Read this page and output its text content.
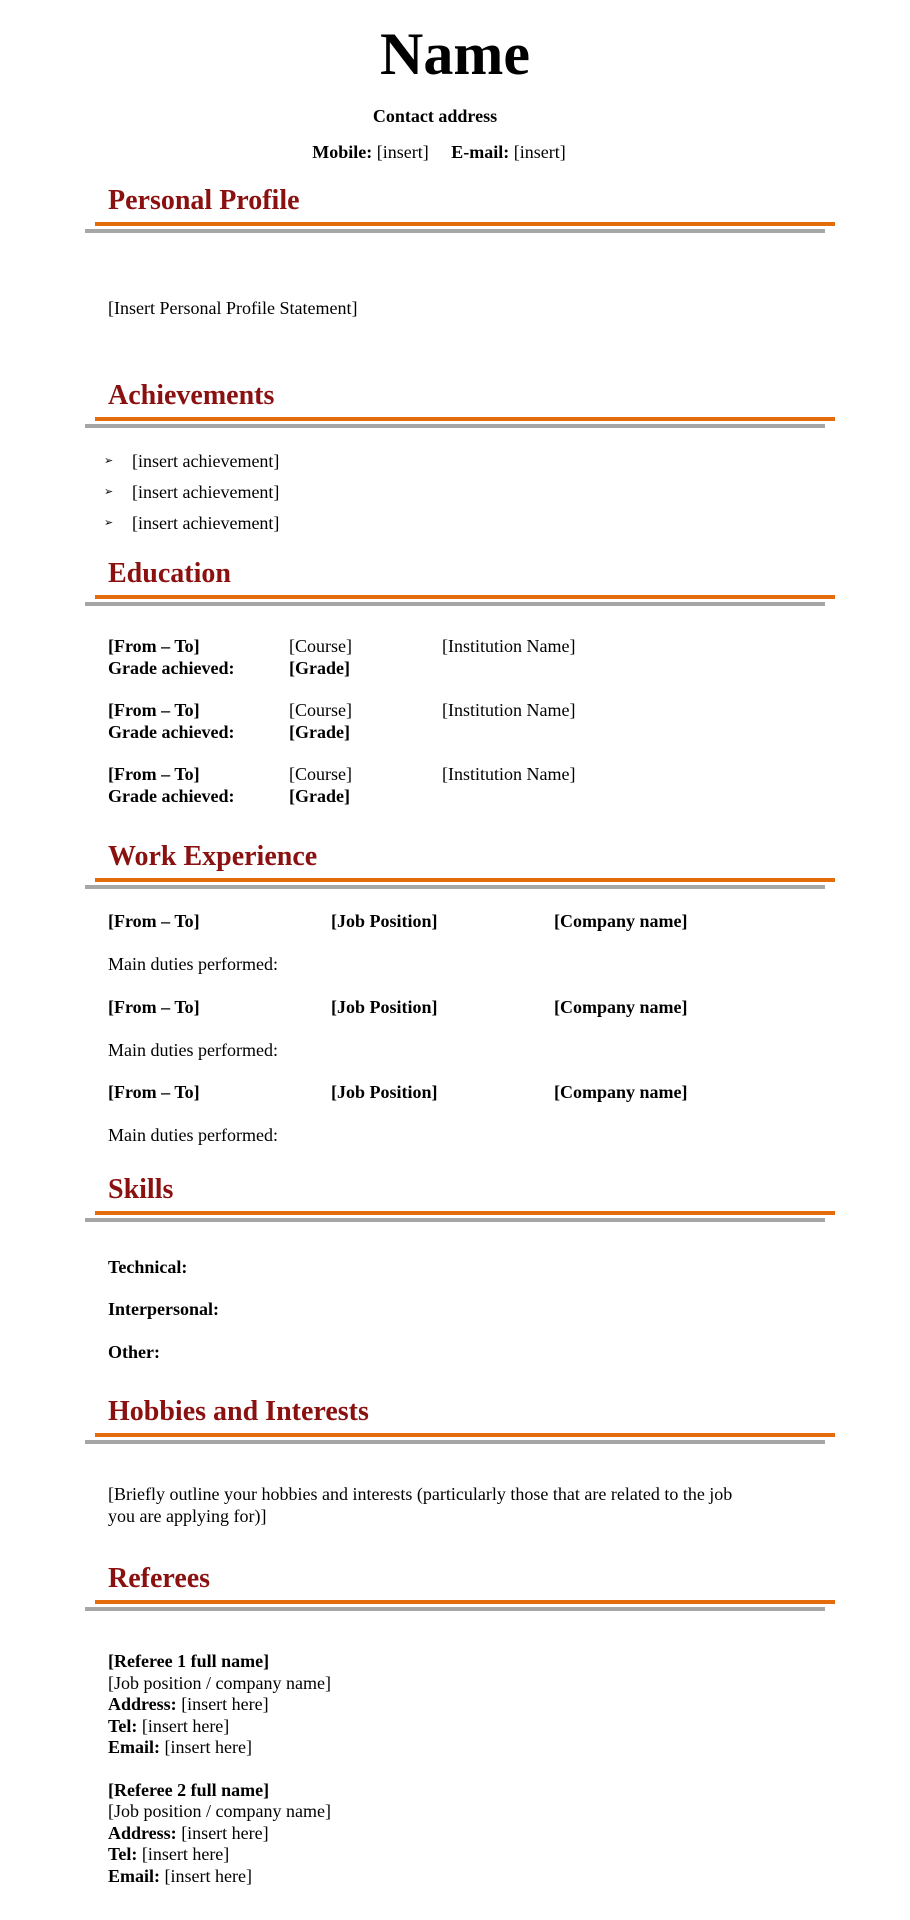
Name
Contact address
Mobile: [insert] E-mail: [insert]
Personal Profile
[Insert Personal Profile Statement]
Achievements
➢ [insert achievement]
➢ [insert achievement]
➢ [insert achievement]
Education
[From – To]	[Course]	[Institution Name]
Grade achieved:	[Grade]
[From – To]	[Course]	[Institution Name]
Grade achieved:	[Grade]
[From – To]	[Course]	[Institution Name]
Grade achieved:	[Grade]
Work Experience
[From – To]	[Job Position]	[Company name]
Main duties performed:
[From – To]	[Job Position]	[Company name]
Main duties performed:
[From – To]	[Job Position]	[Company name]
Main duties performed:
Skills
Technical:
Interpersonal:
Other:
Hobbies and Interests
[Briefly outline your hobbies and interests (particularly those that are related to the job
you are applying for)]
Referees
[Referee 1 full name]
[Job position / company name]
Address: [insert here]
Tel: [insert here]
Email: [insert here]
[Referee 2 full name]
[Job position / company name]
Address: [insert here]
Tel: [insert here]
Email: [insert here]
